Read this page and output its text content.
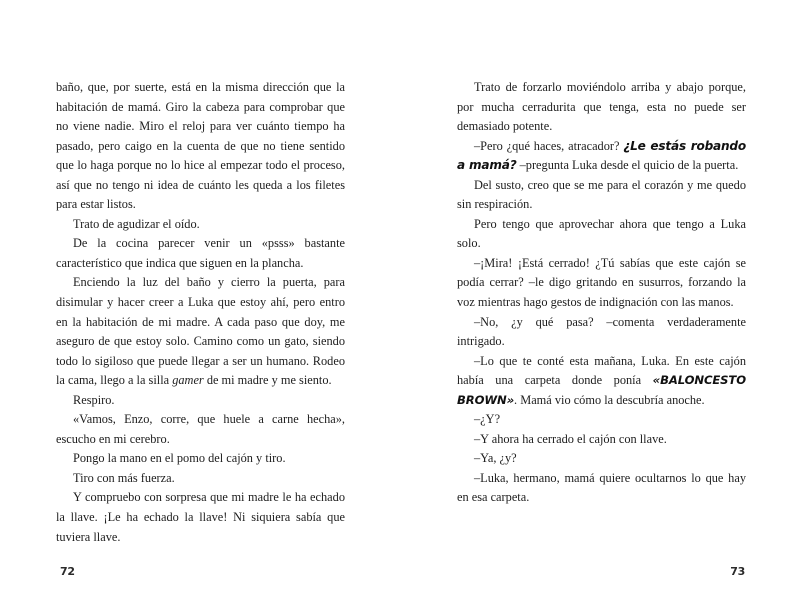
baño, que, por suerte, está en la misma dirección que la habitación de mamá. Giro la cabeza para comprobar que no viene nadie. Miro el reloj para ver cuánto tiempo ha pasado, pero caigo en la cuenta de que no tiene sentido que lo haga porque no lo hice al empezar todo el proceso, así que no tengo ni idea de cuánto les queda a los filetes para estar listos.

Trato de agudizar el oído.

De la cocina parecer venir un «psss» bastante característico que indica que siguen en la plancha.

Enciendo la luz del baño y cierro la puerta, para disimular y hacer creer a Luka que estoy ahí, pero entro en la habitación de mi madre. A cada paso que doy, me aseguro de que estoy solo. Camino como un gato, siendo todo lo sigiloso que puede llegar a ser un humano. Rodeo la cama, llego a la silla gamer de mi madre y me siento.

Respiro.

«Vamos, Enzo, corre, que huele a carne hecha», escucho en mi cerebro.

Pongo la mano en el pomo del cajón y tiro.

Tiro con más fuerza.

Y compruebo con sorpresa que mi madre le ha echado la llave. ¡Le ha echado la llave! Ni siquiera sabía que tuviera llave.

72

Trato de forzarlo moviéndolo arriba y abajo porque, por mucha cerradurita que tenga, esta no puede ser demasiado potente.

–Pero ¿qué haces, atracador? ¿Le estás robando a mamá? –pregunta Luka desde el quicio de la puerta.

Del susto, creo que se me para el corazón y me quedo sin respiración.

Pero tengo que aprovechar ahora que tengo a Luka solo.

–¡Mira! ¡Está cerrado! ¿Tú sabías que este cajón se podía cerrar? –le digo gritando en susurros, forzando la voz mientras hago gestos de indignación con las manos.

–No, ¿y qué pasa? –comenta verdaderamente intrigado.

–Lo que te conté esta mañana, Luka. En este cajón había una carpeta donde ponía «BALONCESTO BROWN». Mamá vio cómo la descubría anoche.

–¿Y?

–Y ahora ha cerrado el cajón con llave.

–Ya, ¿y?

–Luka, hermano, mamá quiere ocultarnos lo que hay en esa carpeta.

73
